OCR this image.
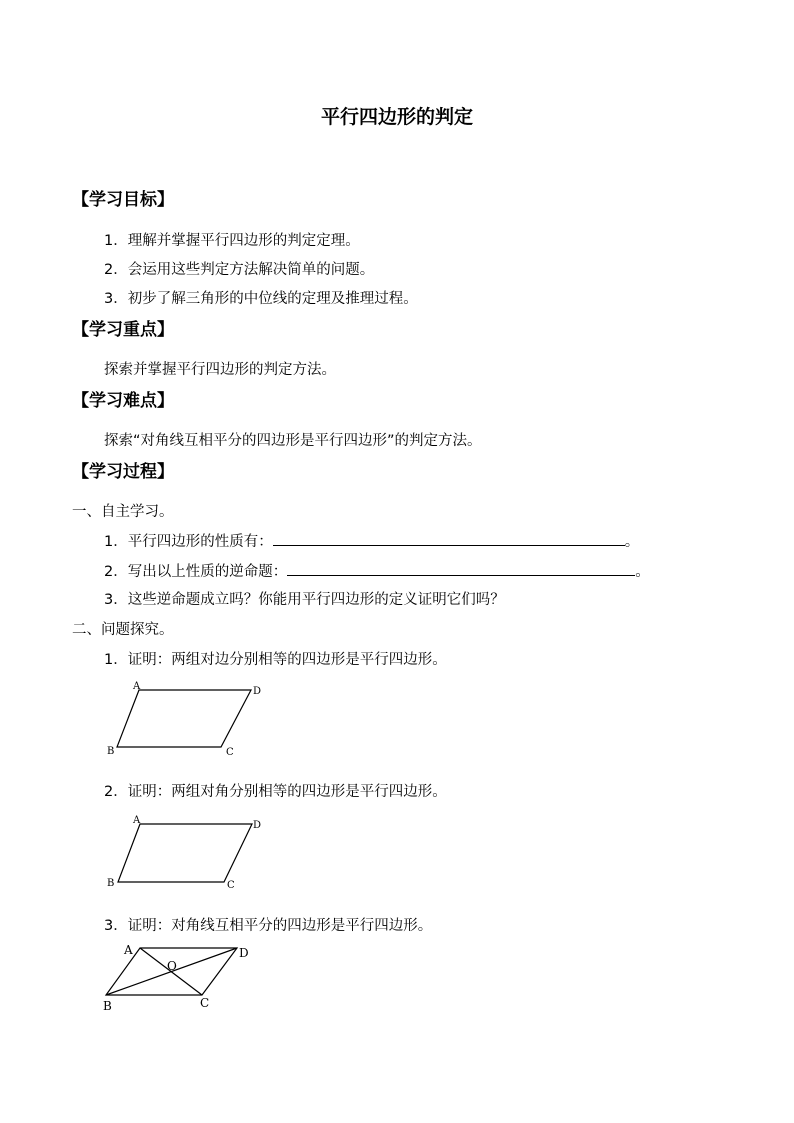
平行四边形的判定
【学习目标】
1．理解并掌握平行四边形的判定定理。
2．会运用这些判定方法解决简单的问题。
3．初步了解三角形的中位线的定理及推理过程。
【学习重点】
探索并掌握平行四边形的判定方法。
【学习难点】
探索“对角线互相平分的四边形是平行四边形”的判定方法。
【学习过程】
一、自主学习。
1．平行四边形的性质有：	。
2．写出以上性质的逆命题：	。
3．这些逆命题成立吗？你能用平行四边形的定义证明它们吗？
二、问题探究。
1．证明：两组对边分别相等的四边形是平行四边形。
A	D
B	C
2．证明：两组对角分别相等的四边形是平行四边形。
A	D
B	C
3．证明：对角线互相平分的四边形是平行四边形。
A	D
B	C
O
